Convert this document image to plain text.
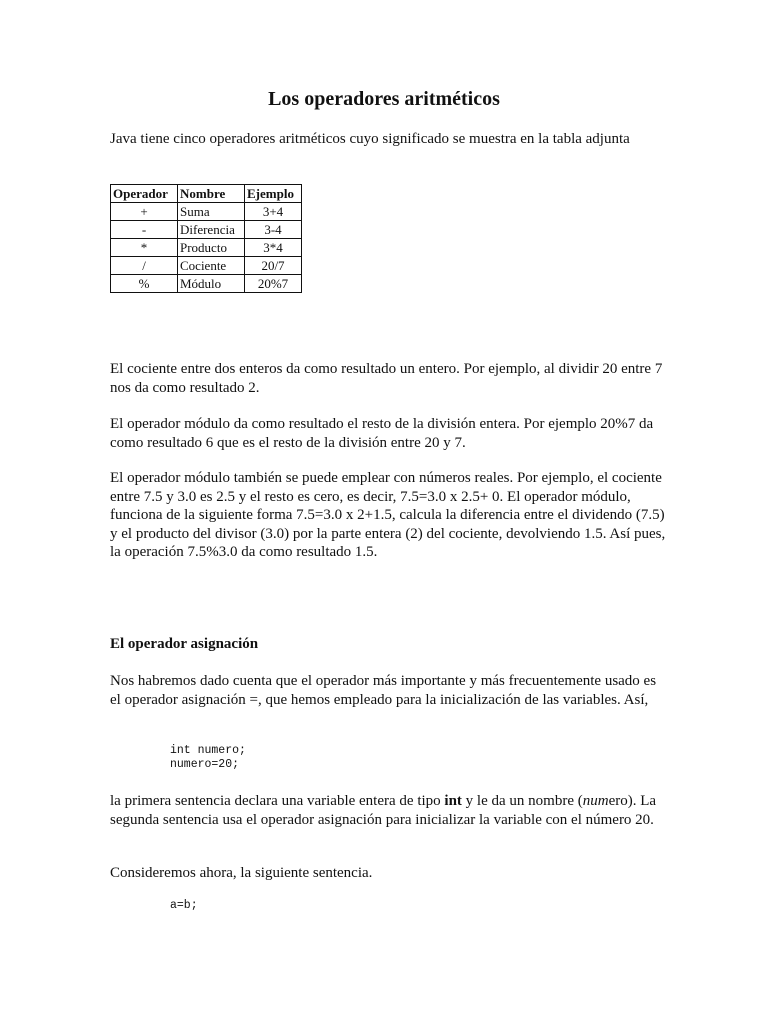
Los operadores aritméticos

Java tiene cinco operadores aritméticos cuyo significado se muestra en la tabla adjunta

Operador	Nombre	Ejemplo
+	Suma	3+4
-	Diferencia	3-4
*	Producto	3*4
/	Cociente	20/7
%	Módulo	20%7

El cociente entre dos enteros da como resultado un entero. Por ejemplo, al dividir 20 entre 7 nos da como resultado 2.

El operador módulo da como resultado el resto de la división entera. Por ejemplo 20%7 da como resultado 6 que es el resto de la división entre 20 y 7.

El operador módulo también se puede emplear con números reales. Por ejemplo, el cociente entre 7.5 y 3.0 es 2.5 y el resto es cero, es decir, 7.5=3.0 x 2.5+ 0. El operador módulo, funciona de la siguiente forma 7.5=3.0 x 2+1.5, calcula la diferencia entre el dividendo (7.5) y el producto del divisor (3.0) por la parte entera (2) del cociente, devolviendo 1.5. Así pues, la operación 7.5%3.0 da como resultado 1.5.

El operador asignación

Nos habremos dado cuenta que el operador más importante y más frecuentemente usado es el operador asignación =, que hemos empleado para la inicialización de las variables. Así,

int numero;
numero=20;

la primera sentencia declara una variable entera de tipo int y le da un nombre (numero). La segunda sentencia usa el operador asignación para inicializar la variable con el número 20.

Consideremos ahora, la siguiente sentencia.

a=b;
